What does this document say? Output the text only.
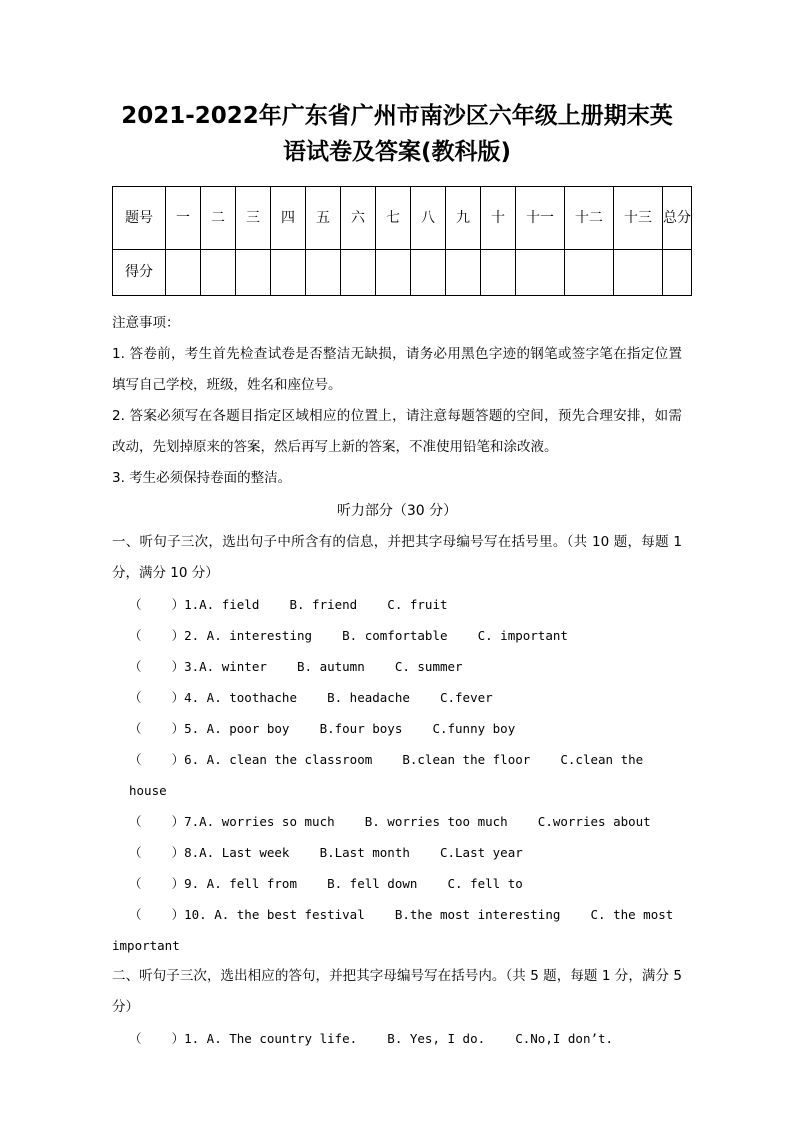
2021-2022年广东省广州市南沙区六年级上册期末英语试卷及答案(教科版)
题号	一	二	三	四	五	六	七	八	九	十	十一	十二	十三	总分

得分														

注意事项：

1. 答卷前，考生首先检查试卷是否整洁无缺损，请务必用黑色字迹的钢笔或签字笔在指定位置填写自己学校，班级，姓名和座位号。

2. 答案必须写在各题目指定区域相应的位置上，请注意每题答题的空间，预先合理安排，如需改动，先划掉原来的答案，然后再写上新的答案，不准使用铅笔和涂改液。

3. 考生必须保持卷面的整洁。

听力部分（30 分）

一、听句子三次，选出句子中所含有的信息，并把其字母编号写在括号里。（共 10 题，每题 1 分，满分 10 分）

（    ）1.A. field    B. friend    C. fruit

（    ）2. A. interesting    B. comfortable    C. important

（    ）3.A. winter    B. autumn    C. summer

（    ）4. A. toothache    B. headache    C.fever

（    ）5. A. poor boy    B.four boys    C.funny boy

（    ）6. A. clean the classroom    B.clean the floor    C.clean the house

（    ）7.A. worries so much    B. worries too much    C.worries about

（    ）8.A. Last week    B.Last month    C.Last year

（    ）9. A. fell from    B. fell down    C. fell to

（    ）10. A. the best festival    B.the most interesting    C. the most

important

二、听句子三次，选出相应的答句，并把其字母编号写在括号内。（共 5 题，每题 1 分，满分 5 分）

（    ）1. A. The country life.    B. Yes, I do.    C.No,I don’t.
